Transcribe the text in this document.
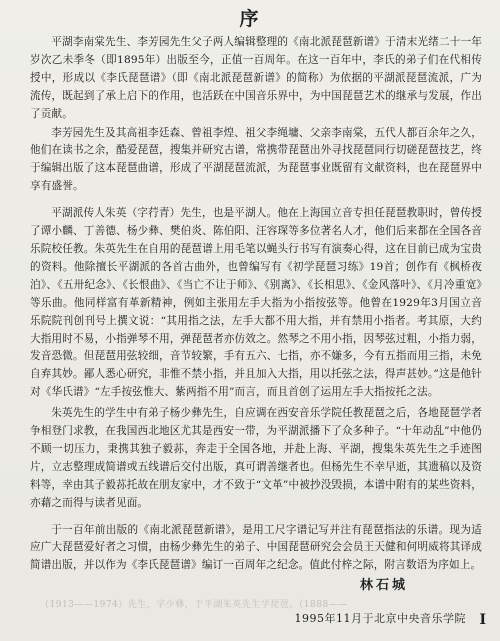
序

平湖李南棠先生、李芳园先生父子两人编辑整理的《南北派琵琶新谱》于清末光绪二十一年岁次乙未季冬（即1895年）出版至今，正值一百周年。在这一百年中，李氏的弟子们在代相传授中，形成以《李氏琵琶谱》（即《南北派琵琶新谱》的简称）为依据的平湖派琵琶流派，广为流传，既起到了承上启下的作用，也活跃在中国音乐界中，为中国琵琶艺术的继承与发展，作出了贡献。

李芳园先生及其高祖李廷森、曾祖李煌、祖父李绳墉、父亲李南棠，五代人都百余年之久，他们在读书之余，酷爱琵琶，搜集并研究古谱，常携带琵琶出外寻找琵琶同行切磋琵琶技艺，终于编辑出版了这本琵琶曲谱，形成了平湖琵琶流派，为琵琶事业既留有文献资料，也在琵琶界中享有盛誉。

平湖派传人朱英（字荇青）先生，也是平湖人。他在上海国立音专担任琵琶教职时，曾传授了谭小麟、丁善德、杨少彝、樊伯炎、陈伯阳、汪容琛等多位著名人才，他们后来都在全国各音乐院校任教。朱英先生在自用的琵琶谱上用毛笔以蝇头行书写有演奏心得，这在目前已成为宝贵的资料。他除擅长平湖派的各首古曲外，也曾编写有《初学琵琶习练》19首；创作有《枫桥夜泊》、《五卅纪念》、《长恨曲》、《当亡不让于师》、《别离》、《长相思》、《金风落叶》、《月冷重宽》等乐曲。他同样富有革新精神，例如主张用左手大指为小指按弦等。他曾在1929年3月国立音乐院院刊创刊号上撰文说：“其用指之法，左手大都不用大指，并有禁用小指者。考其原，大约大指用时不易，小指弹琴不用，弹琵琶者亦仿效之。然琴之不用小指，因琴弦过粗，小指力弱，发音恐微。但琵琶用弦较细，音节较繁，手有五六、七指，亦不嫌多，今有五指而用三指，未免自弃其妙。鄙人悉心研究，非惟不禁小指，并且加入大指，用以托弦之法，得声甚妙。”这是他针对《华氏谱》“左手按弦惟大、紫两指不用”而言，而且首创了运用左手大指按托之法。

朱英先生的学生中有弟子杨少彝先生，自应调在西安音乐学院任教琵琶之后，各地琵琶学者争相登门求教，在我国西北地区尤其是西安一带，为平湖派播下了众多种子。“十年动乱”中他仍不顾一切压力，秉携其独子毅荪，奔走于全国各地，并赴上海、平湖，搜集朱英先生之手迹图片，立志整理成简谱或五线谱后交付出版，真可谓善继者也。但杨先生不幸早逝，其遗稿以及资料等，幸由其子毅荪托故在朋友家中，才不致于“文革”中被抄没毁损，本谱中附有的某些资料，亦藉之而得与读者见面。

于一百年前出版的《南北派琵琶新谱》，是用工尺字谱记写并注有琵琶指法的乐谱。现为适应广大琵琶爱好者之习惯，由杨少彝先生的弟子、中国琵琶研究会会员王天健和何明威将其译成简谱出版，并以作为《李氏琵琶谱》编订一百周年之纪念。值此付梓之际，附言数语为序如上。

林石城
（1913——1974）先生，字少彝，于平湖朱英先生学琵琶。（1888——
1995年11月于北京中央音乐学院 I
